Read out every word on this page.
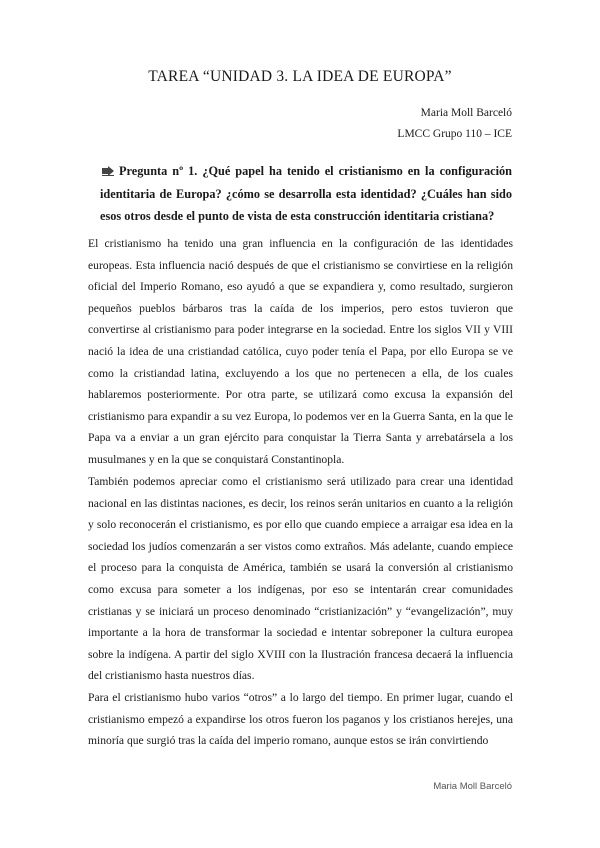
TAREA “UNIDAD 3. LA IDEA DE EUROPA”
Maria Moll Barceló
LMCC Grupo 110 – ICE
Pregunta nº 1. ¿Qué papel ha tenido el cristianismo en la configuración identitaria de Europa? ¿cómo se desarrolla esta identidad? ¿Cuáles han sido esos otros desde el punto de vista de esta construcción identitaria cristiana?

El cristianismo ha tenido una gran influencia en la configuración de las identidades europeas. Esta influencia nació después de que el cristianismo se convirtiese en la religión oficial del Imperio Romano, eso ayudó a que se expandiera y, como resultado, surgieron pequeños pueblos bárbaros tras la caída de los imperios, pero estos tuvieron que convertirse al cristianismo para poder integrarse en la sociedad. Entre los siglos VII y VIII nació la idea de una cristiandad católica, cuyo poder tenía el Papa, por ello Europa se ve como la cristiandad latina, excluyendo a los que no pertenecen a ella, de los cuales hablaremos posteriormente. Por otra parte, se utilizará como excusa la expansión del cristianismo para expandir a su vez Europa, lo podemos ver en la Guerra Santa, en la que le Papa va a enviar a un gran ejército para conquistar la Tierra Santa y arrebatársela a los musulmanes y en la que se conquistará Constantinopla.

También podemos apreciar como el cristianismo será utilizado para crear una identidad nacional en las distintas naciones, es decir, los reinos serán unitarios en cuanto a la religión y solo reconocerán el cristianismo, es por ello que cuando empiece a arraigar esa idea en la sociedad los judíos comenzarán a ser vistos como extraños. Más adelante, cuando empiece el proceso para la conquista de América, también se usará la conversión al cristianismo como excusa para someter a los indígenas, por eso se intentarán crear comunidades cristianas y se iniciará un proceso denominado “cristianización” y “evangelización”, muy importante a la hora de transformar la sociedad e intentar sobreponer la cultura europea sobre la indígena. A partir del siglo XVIII con la Ilustración francesa decaerá la influencia del cristianismo hasta nuestros días.

Para el cristianismo hubo varios “otros” a lo largo del tiempo. En primer lugar, cuando el cristianismo empezó a expandirse los otros fueron los paganos y los cristianos herejes, una minoría que surgió tras la caída del imperio romano, aunque estos se irán convirtiendo

Maria Moll Barceló
